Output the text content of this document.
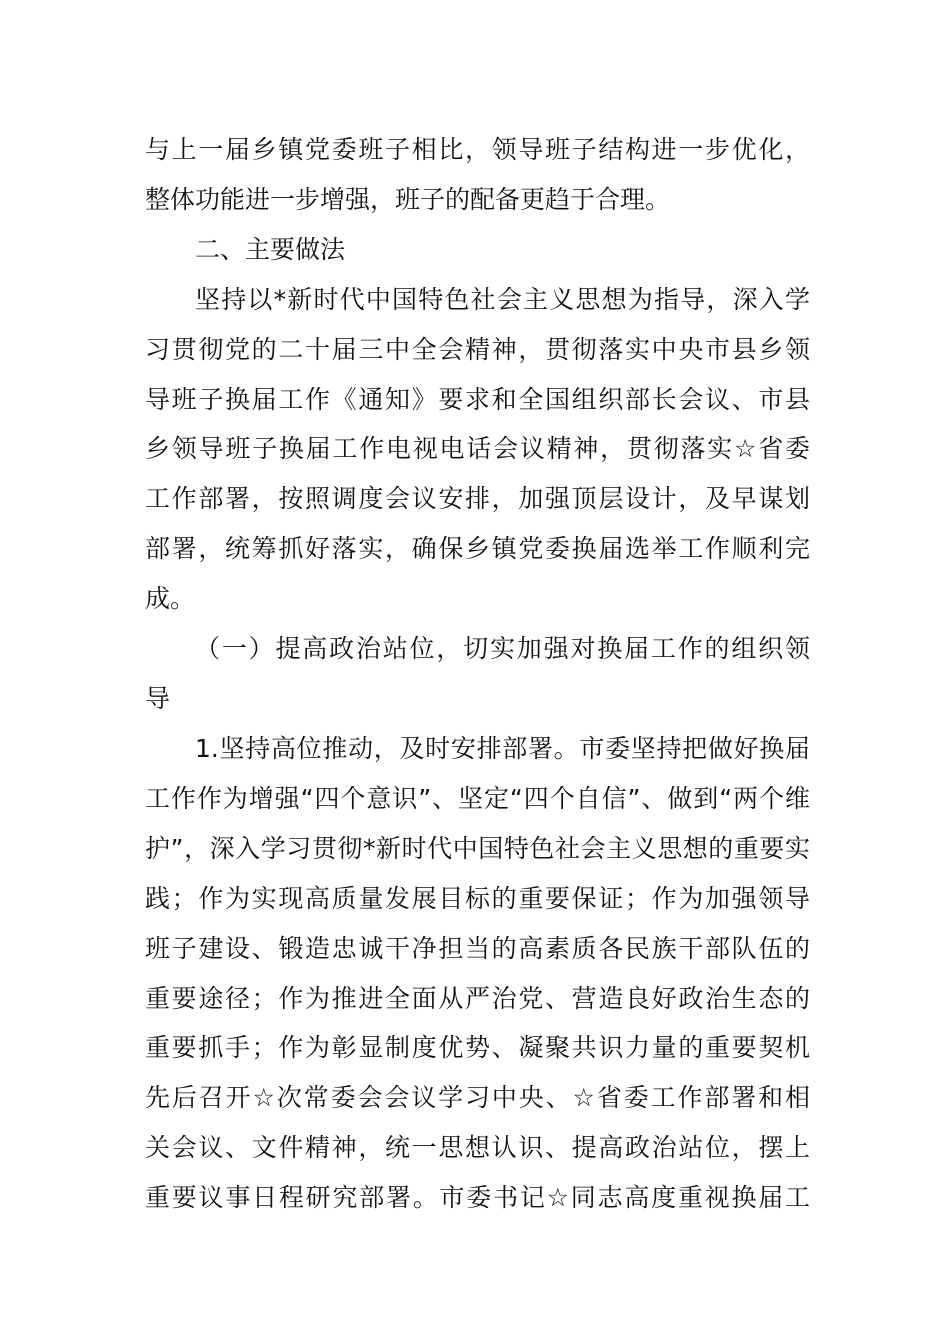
与上一届乡镇党委班子相比，领导班子结构进一步优化，
整体功能进一步增强，班子的配备更趋于合理。
二、主要做法
坚持以*新时代中国特色社会主义思想为指导，深入学
习贯彻党的二十届三中全会精神，贯彻落实中央市县乡领
导班子换届工作《通知》要求和全国组织部长会议、市县
乡领导班子换届工作电视电话会议精神，贯彻落实☆省委
工作部署，按照调度会议安排，加强顶层设计，及早谋划
部署，统筹抓好落实，确保乡镇党委换届选举工作顺利完
成。
（一）提高政治站位，切实加强对换届工作的组织领
导
1.坚持高位推动，及时安排部署。市委坚持把做好换届
工作作为增强“四个意识”、坚定“四个自信”、做到“两个维
护”，深入学习贯彻*新时代中国特色社会主义思想的重要实
践；作为实现高质量发展目标的重要保证；作为加强领导
班子建设、锻造忠诚干净担当的高素质各民族干部队伍的
重要途径；作为推进全面从严治党、营造良好政治生态的
重要抓手；作为彰显制度优势、凝聚共识力量的重要契机
先后召开☆次常委会会议学习中央、☆省委工作部署和相
关会议、文件精神，统一思想认识、提高政治站位，摆上
重要议事日程研究部署。市委书记☆同志高度重视换届工
